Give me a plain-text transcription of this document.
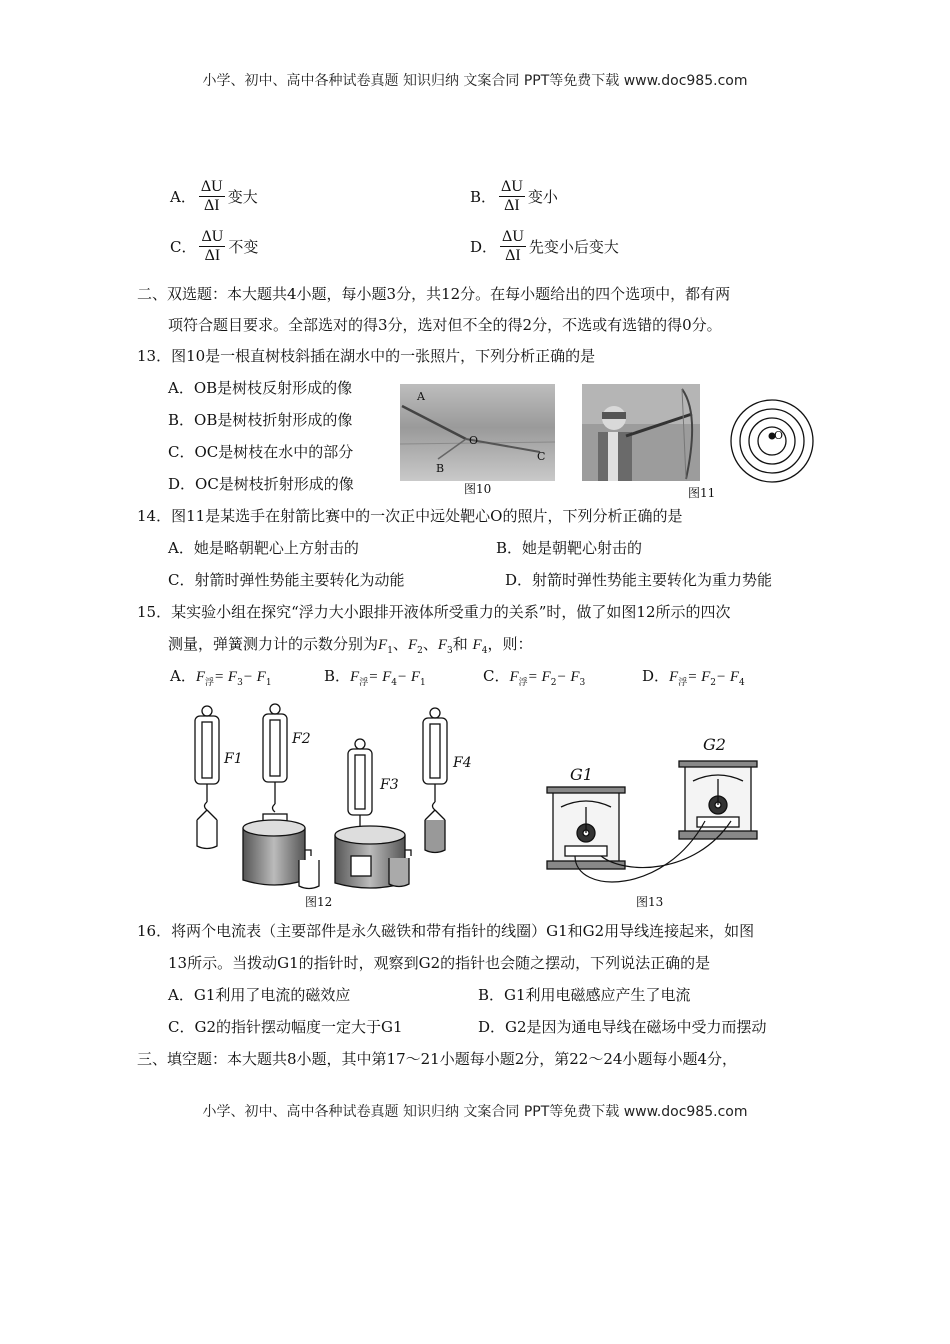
小学、初中、高中各种试卷真题 知识归纳 文案合同 PPT等免费下载 www.doc985.com
A． $\frac{\Delta U}{\Delta I}$ 变大	B． $\frac{\Delta U}{\Delta I}$ 变小
C． $\frac{\Delta U}{\Delta I}$ 不变	D． $\frac{\Delta U}{\Delta I}$ 先变小后变大
二、双选题：本大题共4小题，每小题3分，共12分。在每小题给出的四个选项中，都有两
项符合题目要求。全部选对的得3分，选对但不全的得2分，不选或有选错的得0分。
13．图10是一根直树枝斜插在湖水中的一张照片，下列分析正确的是
A．OB是树枝反射形成的像
B．OB是树枝折射形成的像
C．OC是树枝在水中的部分
D．OC是树枝折射形成的像
A
O
B
C
图10
O
图11
14．图11是某选手在射箭比赛中的一次正中远处靶心O的照片，下列分析正确的是
A．她是略朝靶心上方射击的	B．她是朝靶心射击的
C．射箭时弹性势能主要转化为动能	D．射箭时弹性势能主要转化为重力势能
15．某实验小组在探究“浮力大小跟排开液体所受重力的关系”时，做了如图12所示的四次
测量，弹簧测力计的示数分别为$F_1$、$F_2$、$F_3$和 $F_4$，则：
A．$F_浮= F_3- F_1$	B．$F_浮= F_4- F_1$	C．$F_浮= F_2- F_3$	D．$F_浮= F_2- F_4$
F1
F2
F3
F4
图12
G1
G2
图13
16．将两个电流表（主要部件是永久磁铁和带有指针的线圈）G1和G2用导线连接起来，如图
13所示。当拨动G1的指针时，观察到G2的指针也会随之摆动，下列说法正确的是
A．G1利用了电流的磁效应	B．G1利用电磁感应产生了电流
C．G2的指针摆动幅度一定大于G1	D．G2是因为通电导线在磁场中受力而摆动
三、填空题：本大题共8小题，其中第17～21小题每小题2分，第22～24小题每小题4分，
小学、初中、高中各种试卷真题 知识归纳 文案合同 PPT等免费下载 www.doc985.com
